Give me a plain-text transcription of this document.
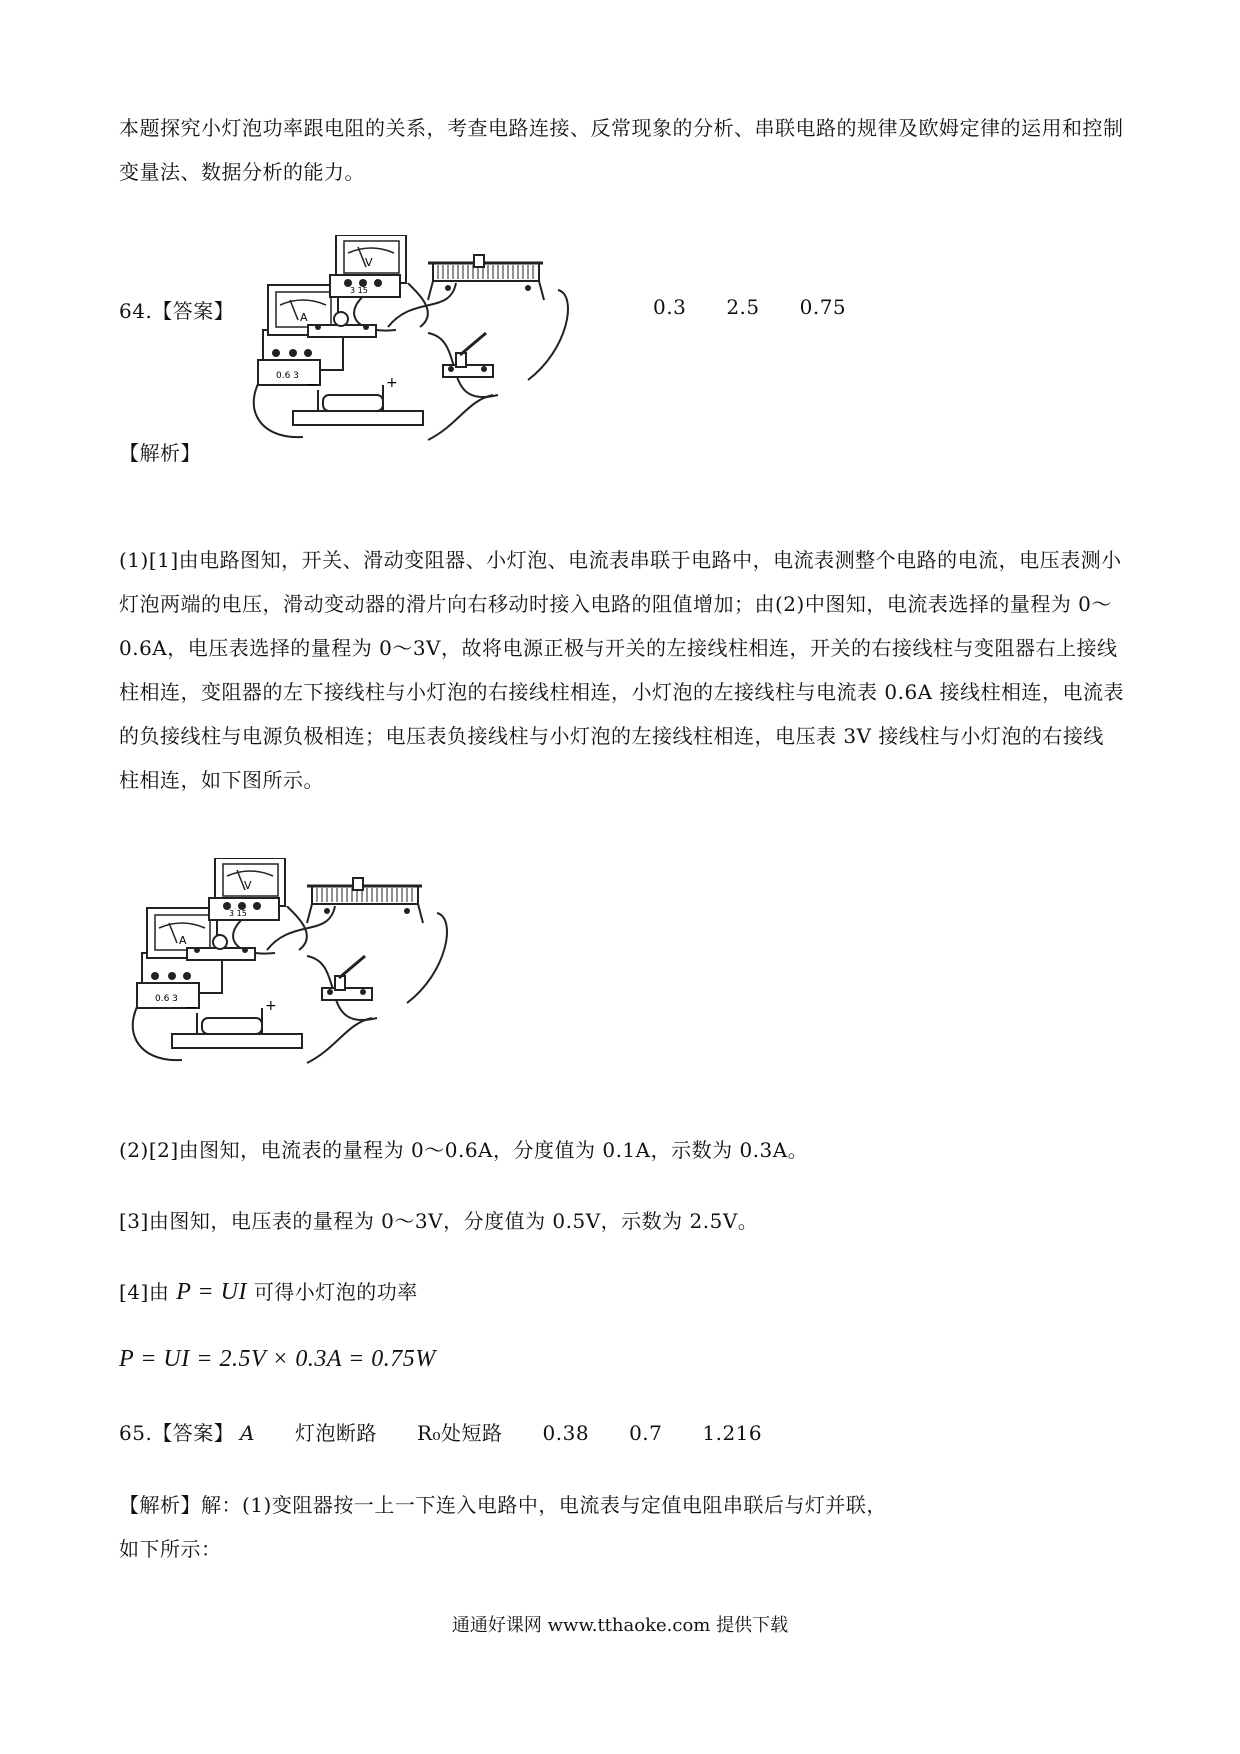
本题探究小灯泡功率跟电阻的关系，考查电路连接、反常现象的分析、串联电路的规律及欧姆定律的运用和控制变量法、数据分析的能力。

64.【答案】	0.3 2.5 0.75
A
0.6 3
V
3 15
−	+

【解析】

(1)[1]由电路图知，开关、滑动变阻器、小灯泡、电流表串联于电路中，电流表测整个电路的电流，电压表测小灯泡两端的电压，滑动变动器的滑片向右移动时接入电路的阻值增加；由(2)中图知，电流表选择的量程为 0～0.6A，电压表选择的量程为 0～3V，故将电源正极与开关的左接线柱相连，开关的右接线柱与变阻器右上接线柱相连，变阻器的左下接线柱与小灯泡的右接线柱相连，小灯泡的左接线柱与电流表 0.6A 接线柱相连，电流表的负接线柱与电源负极相连；电压表负接线柱与小灯泡的左接线柱相连，电压表 3V 接线柱与小灯泡的右接线柱相连，如下图所示。

A
0.6 3
V
3 15
−	+

(2)[2]由图知，电流表的量程为 0～0.6A，分度值为 0.1A，示数为 0.3A。

[3]由图知，电压表的量程为 0～3V，分度值为 0.5V，示数为 2.5V。

[4]由 P = UI 可得小灯泡的功率

P = UI = 2.5V × 0.3A = 0.75W

65.【答案】 A 灯泡断路 R₀处短路 0.38 0.7 1.216

【解析】解：(1)变阻器按一上一下连入电路中，电流表与定值电阻串联后与灯并联，

如下所示：

通通好课网 www.tthaoke.com 提供下载
